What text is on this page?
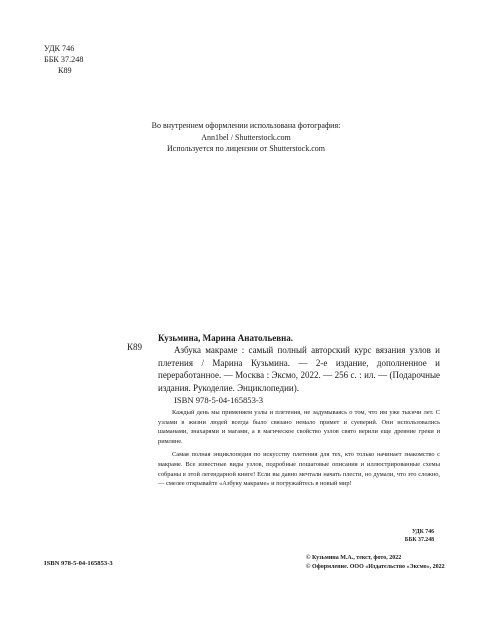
УДК 746
ББК 37.248
К89
Во внутреннем оформлении использована фотография:
Ann1bel / Shutterstock.com
Используется по лицензии от Shutterstock.com
Кузьмина, Марина Анатольевна.
К89	Азбука макраме : самый полный авторский курс вязания узлов и плетения / Марина Кузьмина. — 2-е издание, дополненное и переработанное. — Москва : Эксмо, 2022. — 256 с. : ил. — (Подарочные издания. Рукоделие. Энциклопедии).

ISBN 978-5-04-165853-3

Каждый день мы применяем узлы и плетения, не задумываясь о том, что им уже тысячи лет. С узлами в жизни людей всегда было связано немало примет и суеверий. Они использовались шаманами, знахарями и магами, а в магическое свойство узлов свято верили еще древние греки и римляне.

Самая полная энциклопедия по искусству плетения для тех, кто только начинает знакомство с макраме. Все известные виды узлов, подробные пошаговые описания и иллюстрированные схемы собраны в этой легендарной книге! Если вы давно мечтали начать плести, но думали, что это сложно, — смелее открывайте «Азбуку макраме» и погружайтесь в новый мир!

УДК 746
ББК 37.248
ISBN 978-5-04-165853-3
© Кузьмина М.А., текст, фото, 2022
© Оформление. ООО «Издательство «Эксмо», 2022
